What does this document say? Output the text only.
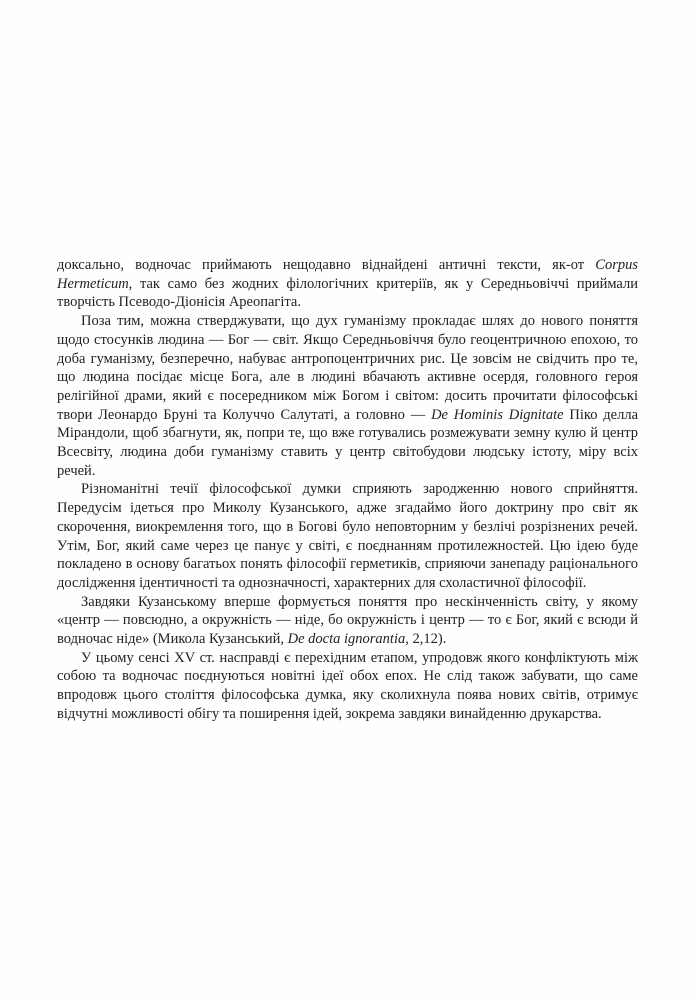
доксально, водночас приймають нещодавно віднайдені античні тексти, як-от Corpus Hermeticum, так само без жодних філологічних критеріїв, як у Середньовіччі приймали творчість Псеводо-Діонісія Ареопагіта.

Поза тим, можна стверджувати, що дух гуманізму прокладає шлях до нового поняття щодо стосунків людина — Бог — світ. Якщо Середньовіччя було геоцентричною епохою, то доба гуманізму, безперечно, набуває антропоцентричних рис. Це зовсім не свідчить про те, що людина посідає місце Бога, але в людині вбачають активне осердя, головного героя релігійної драми, який є посередником між Богом і світом: досить прочитати філософські твори Леонардо Бруні та Колуччо Салутаті, а головно — De Hominis Dignitate Піко делла Мірандоли, щоб збагнути, як, попри те, що вже готувались розмежувати земну кулю й центр Всесвіту, людина доби гуманізму ставить у центр світобудови людську істоту, міру всіх речей.

Різноманітні течії філософської думки сприяють зародженню нового сприйняття. Передусім ідеться про Миколу Кузанського, адже згадаймо його доктрину про світ як скорочення, виокремлення того, що в Богові було неповторним у безлічі розрізнених речей. Утім, Бог, який саме через це панує у світі, є поєднанням протилежностей. Цю ідею буде покладено в основу багатьох понять філософії герметиків, сприяючи занепаду раціонального дослідження ідентичності та однозначності, характерних для схоластичної філософії.

Завдяки Кузанському вперше формується поняття про нескінченність світу, у якому «центр — повсюдно, а окружність — ніде, бо окружність і центр — то є Бог, який є всюди й водночас ніде» (Микола Кузанський, De docta ignorantia, 2,12).

У цьому сенсі XV ст. насправді є перехідним етапом, упродовж якого конфліктують між собою та водночас поєднуються новітні ідеї обох епох. Не слід також забувати, що саме впродовж цього століття філософська думка, яку сколихнула поява нових світів, отримує відчутні можливості обігу та поширення ідей, зокрема завдяки винайденню друкарства.
